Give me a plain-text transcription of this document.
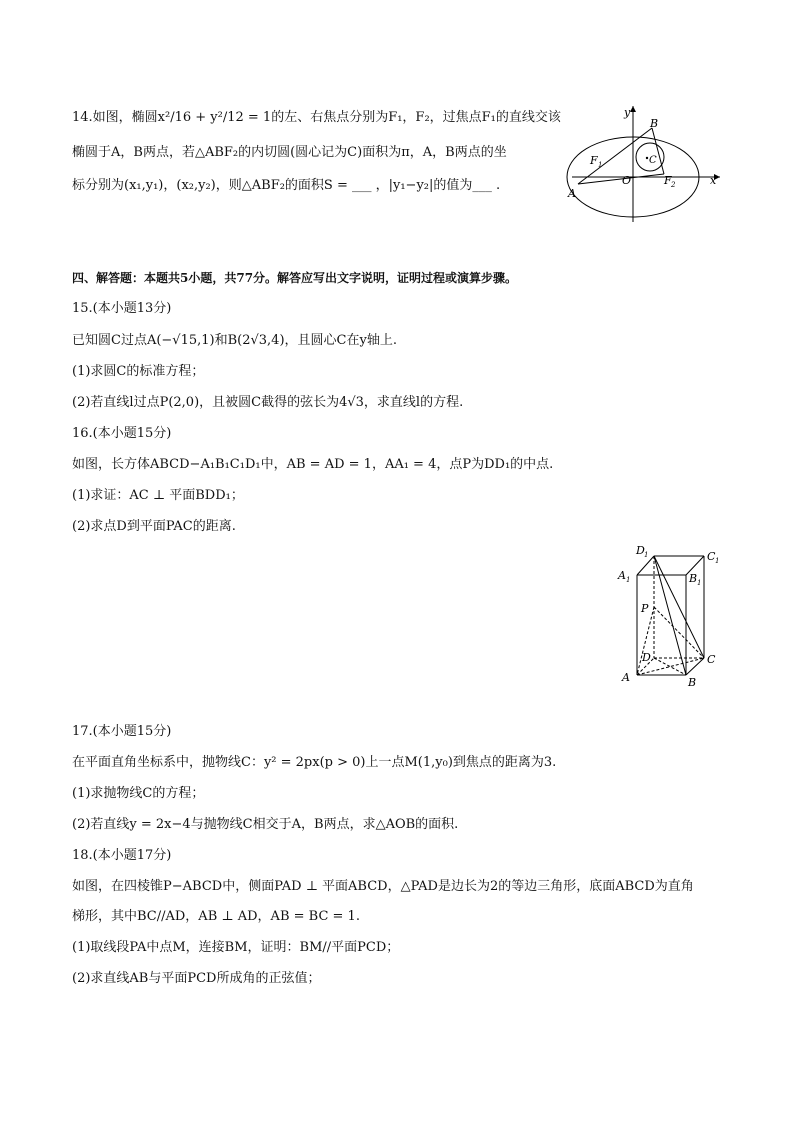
14.如图，椭圆x²/16 + y²/12 = 1的左、右焦点分别为F₁，F₂，过焦点F₁的直线交该
椭圆于A，B两点，若△ABF₂的内切圆(圆心记为C)面积为π，A，B两点的坐
标分别为(x₁,y₁)，(x₂,y₂)，则△ABF₂的面积S = ___ ，|y₁−y₂|的值为___ .
y
x
B
C
F 1
O	F 2
A
四、解答题：本题共5小题，共77分。解答应写出文字说明，证明过程或演算步骤。
15.(本小题13分)
已知圆C过点A(−√15,1)和B(2√3,4)，且圆心C在y轴上.
(1)求圆C的标准方程；
(2)若直线l过点P(2,0)，且被圆C截得的弦长为4√3，求直线l的方程.
16.(本小题15分)
如图，长方体ABCD−A₁B₁C₁D₁中，AB = AD = 1，AA₁ = 4，点P为DD₁的中点.
(1)求证：AC ⊥ 平面BDD₁；
(2)求点D到平面PAC的距离.
D 1	C 1
A 1	B 1
P
D	C
A	B
17.(本小题15分)
在平面直角坐标系中，抛物线C：y² = 2px(p > 0)上一点M(1,y₀)到焦点的距离为3.
(1)求抛物线C的方程；
(2)若直线y = 2x−4与抛物线C相交于A，B两点，求△AOB的面积.
18.(本小题17分)
如图，在四棱锥P−ABCD中，侧面PAD ⊥ 平面ABCD，△PAD是边长为2的等边三角形，底面ABCD为直角
梯形，其中BC//AD，AB ⊥ AD，AB = BC = 1.
(1)取线段PA中点M，连接BM，证明：BM//平面PCD；
(2)求直线AB与平面PCD所成角的正弦值；
